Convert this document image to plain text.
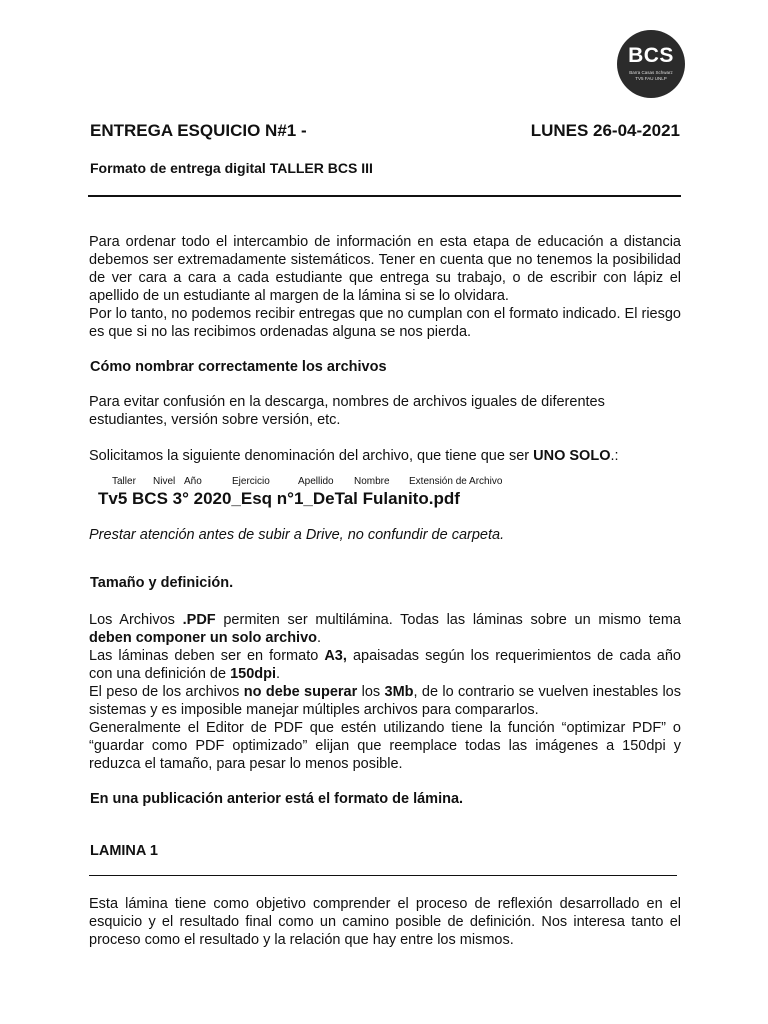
BCS
Barra Casas Schwarz
TV5 FAU UNLP
ENTREGA ESQUICIO N#1 -	LUNES 26-04-2021
Formato de entrega digital TALLER BCS III

Para ordenar todo el intercambio de información en esta etapa de educación a distancia debemos ser extremadamente sistemáticos. Tener en cuenta que no tenemos la posibilidad de ver cara a cara a cada estudiante que entrega su trabajo, o de escribir con lápiz el apellido de un estudiante al margen de la lámina si se lo olvidara.

Por lo tanto, no podemos recibir entregas que no cumplan con el formato indicado. El riesgo es que si no las recibimos ordenadas alguna se nos pierda.

Cómo nombrar correctamente los archivos
Para evitar confusión en la descarga, nombres de archivos iguales de diferentes estudiantes, versión sobre versión, etc.
Solicitamos la siguiente denominación del archivo, que tiene que ser UNO SOLO.:
Taller Nivel Año	Ejercicio	Apellido Nombre Extensión de Archivo
Tv5 BCS 3° 2020_Esq n°1_DeTal Fulanito.pdf
Prestar atención antes de subir a Drive, no confundir de carpeta.
Tamaño y definición.

Los Archivos .PDF permiten ser multilámina. Todas las láminas sobre un mismo tema deben componer un solo archivo.

Las láminas deben ser en formato A3, apaisadas según los requerimientos de cada año con una definición de 150dpi.

El peso de los archivos no debe superar los 3Mb, de lo contrario se vuelven inestables los sistemas y es imposible manejar múltiples archivos para compararlos.

Generalmente el Editor de PDF que estén utilizando tiene la función “optimizar PDF” o “guardar como PDF optimizado” elijan que reemplace todas las imágenes a 150dpi y reduzca el tamaño, para pesar lo menos posible.

En una publicación anterior está el formato de lámina.
LAMINA 1
Esta lámina tiene como objetivo comprender el proceso de reflexión desarrollado en el esquicio y el resultado final como un camino posible de definición. Nos interesa tanto el proceso como el resultado y la relación que hay entre los mismos.
